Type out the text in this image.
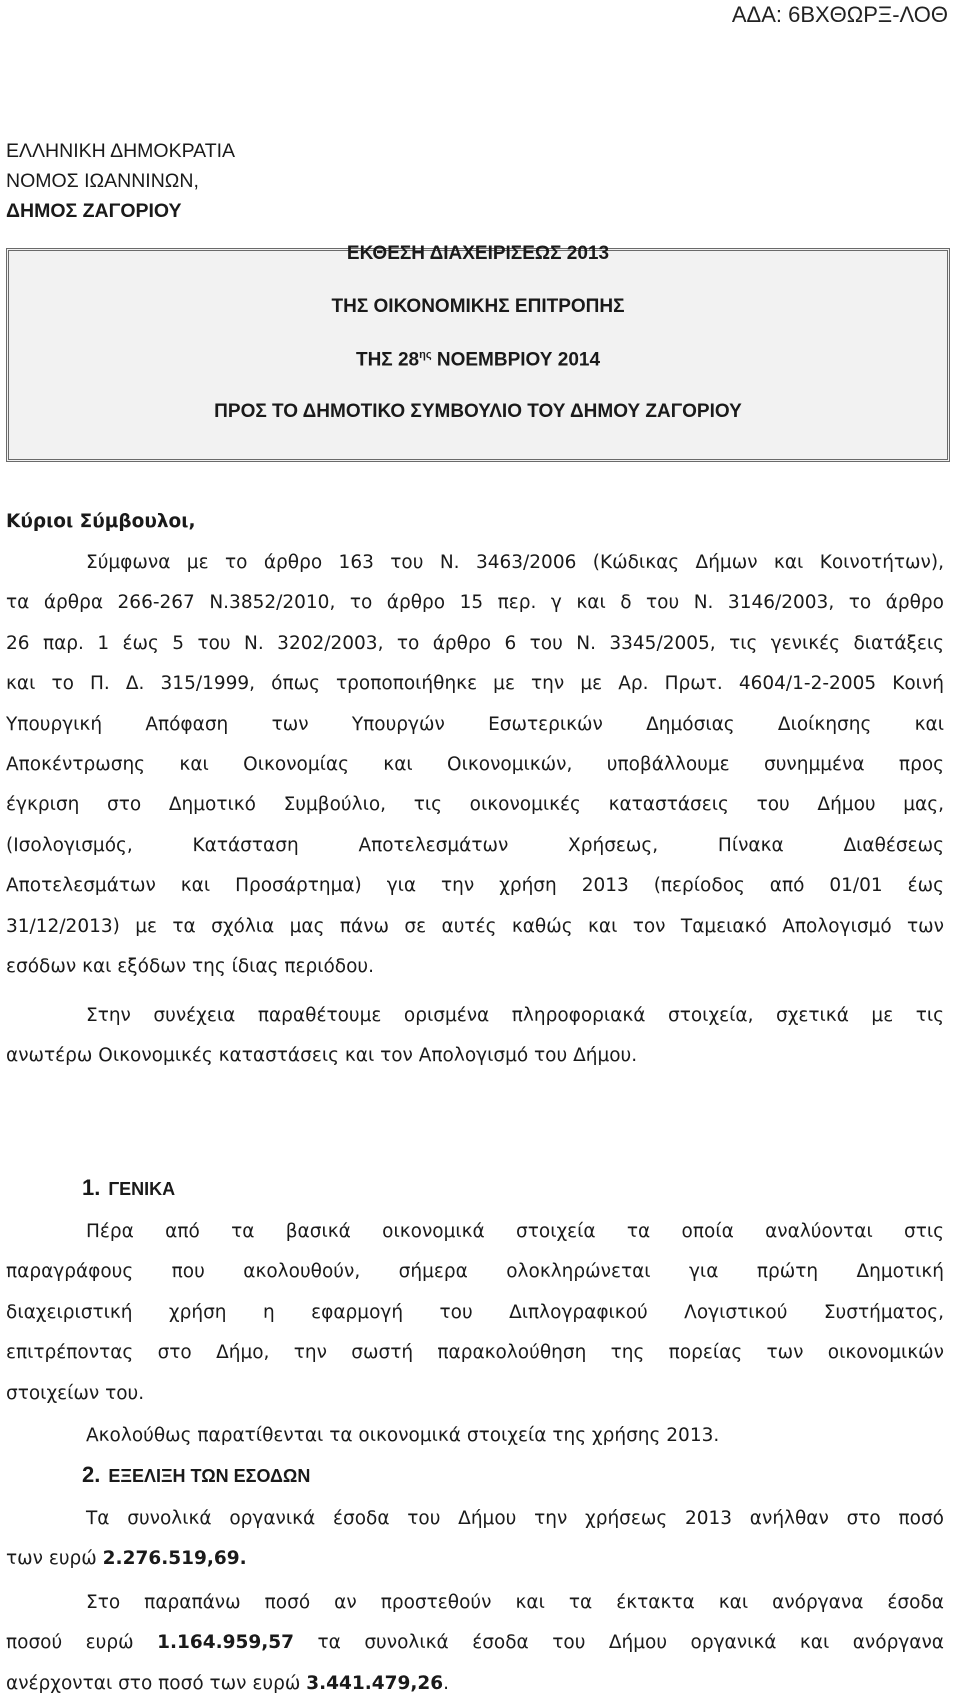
ΑΔΑ: 6ΒΧΘΩΡΞ-ΛΟΘ
ΕΛΛΗΝΙΚΗ ΔΗΜΟΚΡΑΤΙΑ
ΝΟΜΟΣ ΙΩΑΝΝΙΝΩΝ,
ΔΗΜΟΣ ΖΑΓΟΡΙΟΥ
ΕΚΘΕΣΗ ΔΙΑΧΕΙΡΙΣΕΩΣ 2013
ΤΗΣ ΟΙΚΟΝΟΜΙΚΗΣ ΕΠΙΤΡΟΠΗΣ
ΤΗΣ $28^{\eta\varsigma}$ ΝΟΕΜΒΡΙΟΥ 2014
ΠΡΟΣ ΤΟ ΔΗΜΟΤΙΚΟ ΣΥΜΒΟΥΛΙΟ ΤΟΥ ΔΗΜΟΥ ΖΑΓΟΡΙΟΥ
Κύριοι Σύμβουλοι,
Σύμφωνα με το άρθρο 163 του Ν. 3463/2006 (Κώδικας Δήμων και Κοινοτήτων),
τα άρθρα 266-267 Ν.3852/2010, το άρθρο 15 περ. γ και δ του Ν. 3146/2003, το άρθρο
26 παρ. 1 έως 5 του Ν. 3202/2003, το άρθρο 6 του Ν. 3345/2005, τις γενικές διατάξεις
και το Π. Δ. 315/1999, όπως τροποποιήθηκε με την με Αρ. Πρωτ. 4604/1-2-2005 Κοινή
Υπουργική Απόφαση των Υπουργών Εσωτερικών Δημόσιας Διοίκησης και
Αποκέντρωσης και Οικονομίας και Οικονομικών, υποβάλλουμε συνημμένα προς
έγκριση στο Δημοτικό Συμβούλιο, τις οικονομικές καταστάσεις του Δήμου μας,
(Ισολογισμός, Κατάσταση Αποτελεσμάτων Χρήσεως, Πίνακα Διαθέσεως
Αποτελεσμάτων και Προσάρτημα) για την χρήση 2013 (περίοδος από 01/01 έως
31/12/2013) με τα σχόλια μας πάνω σε αυτές καθώς και τον Ταμειακό Απολογισμό των
εσόδων και εξόδων της ίδιας περιόδου.
Στην συνέχεια παραθέτουμε ορισμένα πληροφοριακά στοιχεία, σχετικά με τις
ανωτέρω Οικονομικές καταστάσεις και τον Απολογισμό του Δήμου.
1. ΓΕΝΙΚΑ
Πέρα από τα βασικά οικονομικά στοιχεία τα οποία αναλύονται στις
παραγράφους που ακολουθούν, σήμερα ολοκληρώνεται για πρώτη Δημοτική
διαχειριστική χρήση η εφαρμογή του Διπλογραφικού Λογιστικού Συστήματος,
επιτρέποντας στο Δήμο, την σωστή παρακολούθηση της πορείας των οικονομικών
στοιχείων του.
Ακολούθως παρατίθενται τα οικονομικά στοιχεία της χρήσης 2013.
2. ΕΞΕΛΙΞΗ ΤΩΝ ΕΣΟΔΩΝ
Τα συνολικά οργανικά έσοδα του Δήμου την χρήσεως 2013 ανήλθαν στο ποσό
των ευρώ 2.276.519,69.
Στο παραπάνω ποσό αν προστεθούν και τα έκτακτα και ανόργανα έσοδα
ποσού ευρώ 1.164.959,57 τα συνολικά έσοδα του Δήμου οργανικά και ανόργανα
ανέρχονται στο ποσό των ευρώ 3.441.479,26.
